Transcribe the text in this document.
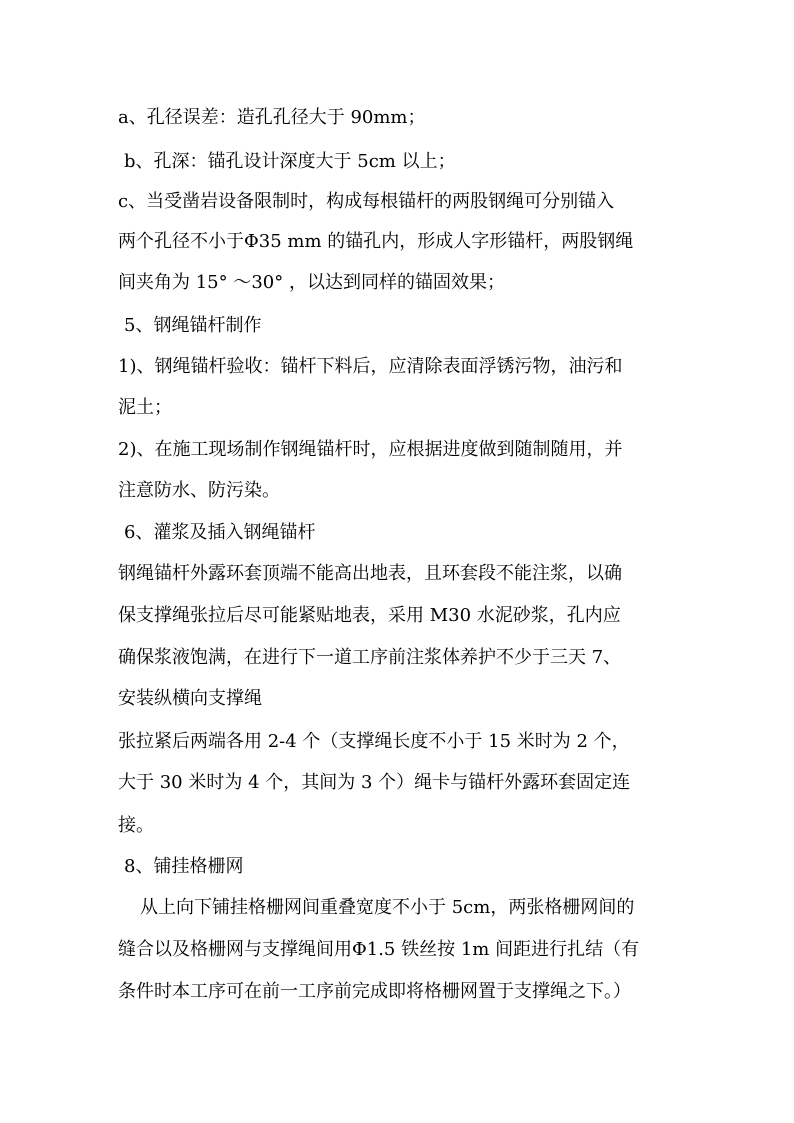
a、孔径误差：造孔孔径大于 90mm；
b、孔深：锚孔设计深度大于 5cm 以上；
c、当受凿岩设备限制时，构成每根锚杆的两股钢绳可分别锚入
两个孔径不小于Φ35 mm 的锚孔内，形成人字形锚杆，两股钢绳
间夹角为 15° ～30° ，以达到同样的锚固效果；
5、钢绳锚杆制作
1)、钢绳锚杆验收：锚杆下料后，应清除表面浮锈污物，油污和
泥土；
2)、在施工现场制作钢绳锚杆时，应根据进度做到随制随用，并
注意防水、防污染。
6、灌浆及插入钢绳锚杆
钢绳锚杆外露环套顶端不能高出地表，且环套段不能注浆，以确
保支撑绳张拉后尽可能紧贴地表，采用 M30 水泥砂浆，孔内应
确保浆液饱满，在进行下一道工序前注浆体养护不少于三天 7、
安装纵横向支撑绳
张拉紧后两端各用 2-4 个（支撑绳长度不小于 15 米时为 2 个，
大于 30 米时为 4 个，其间为 3 个）绳卡与锚杆外露环套固定连
接。
8、铺挂格栅网
从上向下铺挂格栅网间重叠宽度不小于 5cm，两张格栅网间的
缝合以及格栅网与支撑绳间用Φ1.5 铁丝按 1m 间距进行扎结（有
条件时本工序可在前一工序前完成即将格栅网置于支撑绳之下。）
